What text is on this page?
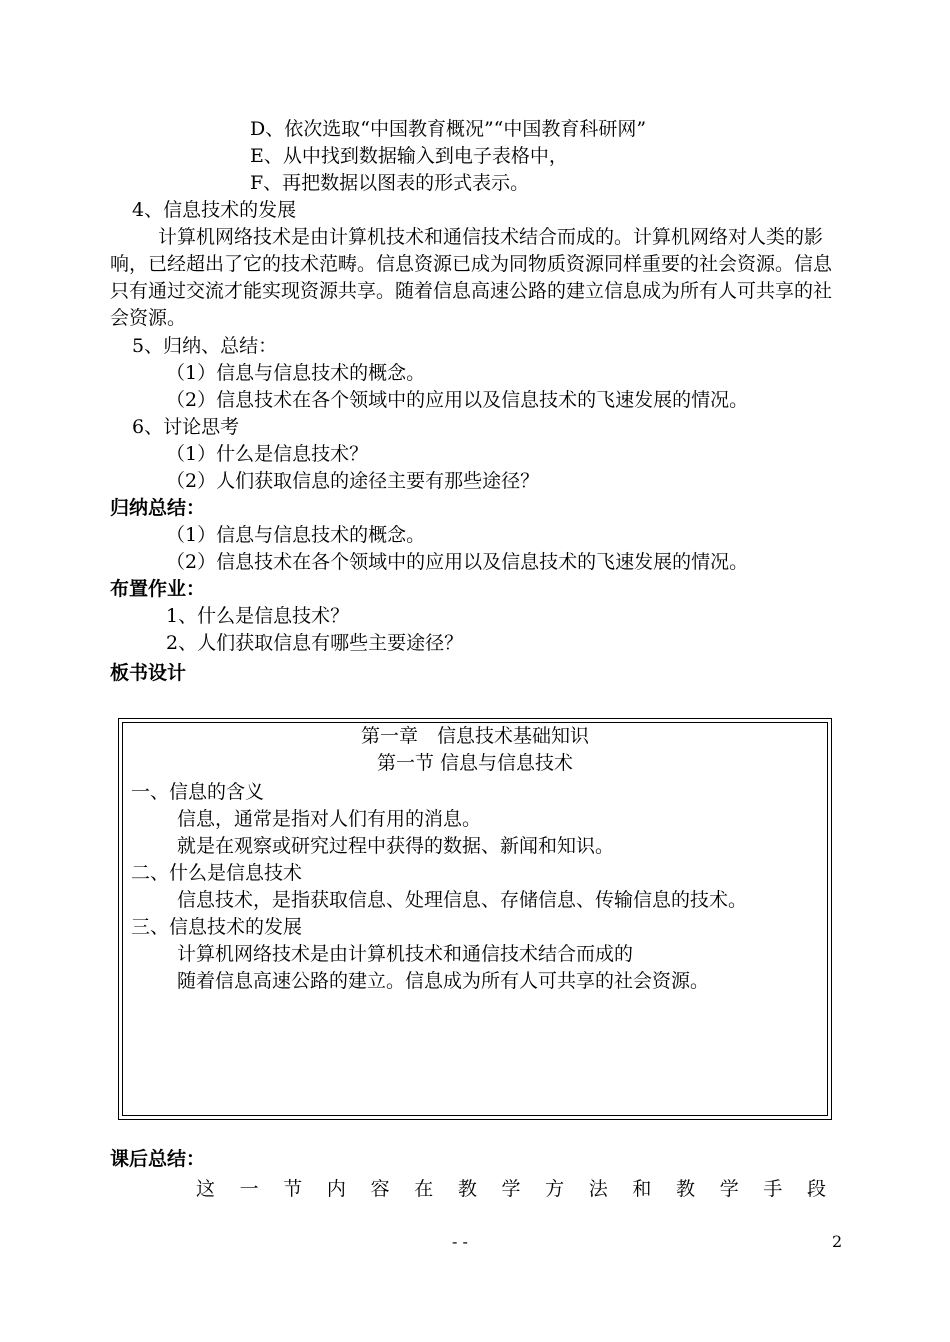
D、依次选取“中国教育概况”“中国教育科研网”
E、从中找到数据输入到电子表格中，
F、再把数据以图表的形式表示。
4、信息技术的发展
计算机网络技术是由计算机技术和通信技术结合而成的。计算机网络对人类的影响，已经超出了它的技术范畴。信息资源已成为同物质资源同样重要的社会资源。信息只有通过交流才能实现资源共享。随着信息高速公路的建立信息成为所有人可共享的社会资源。
5、归纳、总结：
（1）信息与信息技术的概念。
（2）信息技术在各个领域中的应用以及信息技术的飞速发展的情况。
6、讨论思考
（1）什么是信息技术？
（2）人们获取信息的途径主要有那些途径？
归纳总结：
（1）信息与信息技术的概念。
（2）信息技术在各个领域中的应用以及信息技术的飞速发展的情况。
布置作业：
1、什么是信息技术？
2、人们获取信息有哪些主要途径？
板书设计
第一章　信息技术基础知识
第一节 信息与信息技术
一、信息的含义
信息，通常是指对人们有用的消息。
就是在观察或研究过程中获得的数据、新闻和知识。
二、什么是信息技术
信息技术，是指获取信息、处理信息、存储信息、传输信息的技术。
三、信息技术的发展
计算机网络技术是由计算机技术和通信技术结合而成的
随着信息高速公路的建立。信息成为所有人可共享的社会资源。
课后总结：
这 一 节 内 容 在 教 学 方 法 和 教 学 手 段
- -	2
